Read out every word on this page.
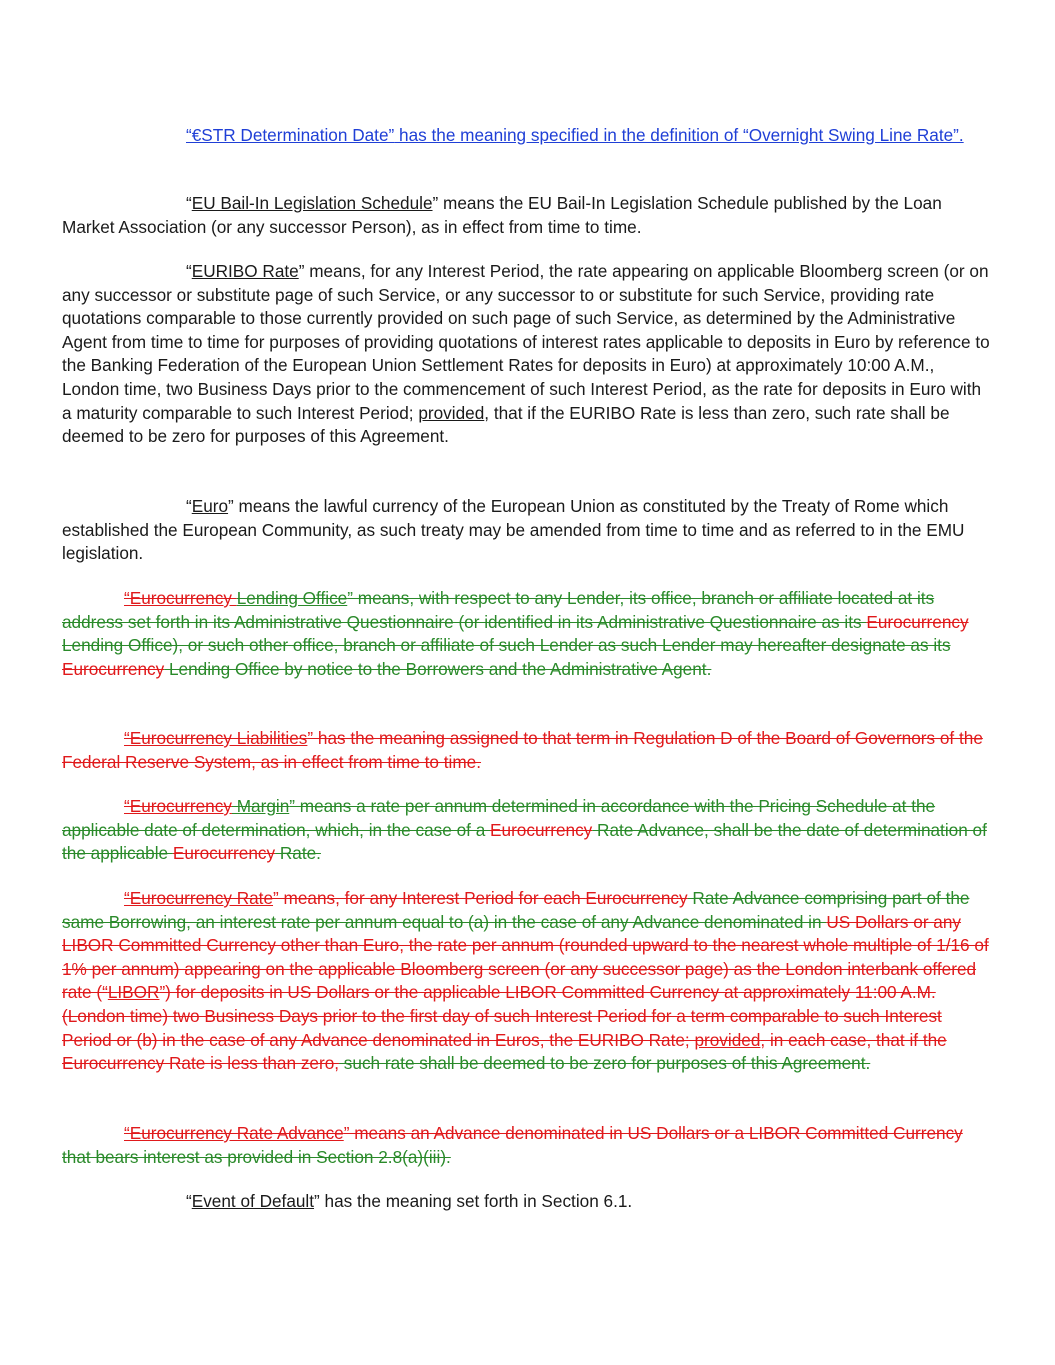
“€STR Determination Date” has the meaning specified in the definition of “Overnight Swing Line Rate”.

“EU Bail-In Legislation Schedule” means the EU Bail-In Legislation Schedule published by the Loan Market Association (or any successor Person), as in effect from time to time.

“EURIBO Rate” means, for any Interest Period, the rate appearing on applicable Bloomberg screen (or on any successor or substitute page of such Service, or any successor to or substitute for such Service, providing rate quotations comparable to those currently provided on such page of such Service, as determined by the Administrative Agent from time to time for purposes of providing quotations of interest rates applicable to deposits in Euro by reference to the Banking Federation of the European Union Settlement Rates for deposits in Euro) at approximately 10:00 A.M., London time, two Business Days prior to the commencement of such Interest Period, as the rate for deposits in Euro with a maturity comparable to such Interest Period; provided, that if the EURIBO Rate is less than zero, such rate shall be deemed to be zero for purposes of this Agreement.

“Euro” means the lawful currency of the European Union as constituted by the Treaty of Rome which established the European Community, as such treaty may be amended from time to time and as referred to in the EMU legislation.

“Eurocurrency Lending Office” means, with respect to any Lender, its office, branch or affiliate located at its address set forth in its Administrative Questionnaire (or identified in its Administrative Questionnaire as its Eurocurrency Lending Office), or such other office, branch or affiliate of such Lender as such Lender may hereafter designate as its Eurocurrency Lending Office by notice to the Borrowers and the Administrative Agent.

“Eurocurrency Liabilities” has the meaning assigned to that term in Regulation D of the Board of Governors of the Federal Reserve System, as in effect from time to time.

“Eurocurrency Margin” means a rate per annum determined in accordance with the Pricing Schedule at the applicable date of determination, which, in the case of a Eurocurrency Rate Advance, shall be the date of determination of the applicable Eurocurrency Rate.

“Eurocurrency Rate” means, for any Interest Period for each Eurocurrency Rate Advance comprising part of the same Borrowing, an interest rate per annum equal to (a) in the case of any Advance denominated in US Dollars or any LIBOR Committed Currency other than Euro, the rate per annum (rounded upward to the nearest whole multiple of 1/16 of 1% per annum) appearing on the applicable Bloomberg screen (or any successor page) as the London interbank offered rate (“LIBOR”) for deposits in US Dollars or the applicable LIBOR Committed Currency at approximately 11:00 A.M. (London time) two Business Days prior to the first day of such Interest Period for a term comparable to such Interest Period or (b) in the case of any Advance denominated in Euros, the EURIBO Rate; provided, in each case, that if the Eurocurrency Rate is less than zero, such rate shall be deemed to be zero for purposes of this Agreement.

“Eurocurrency Rate Advance” means an Advance denominated in US Dollars or a LIBOR Committed Currency that bears interest as provided in Section 2.8(a)(iii).

“Event of Default” has the meaning set forth in Section 6.1.
